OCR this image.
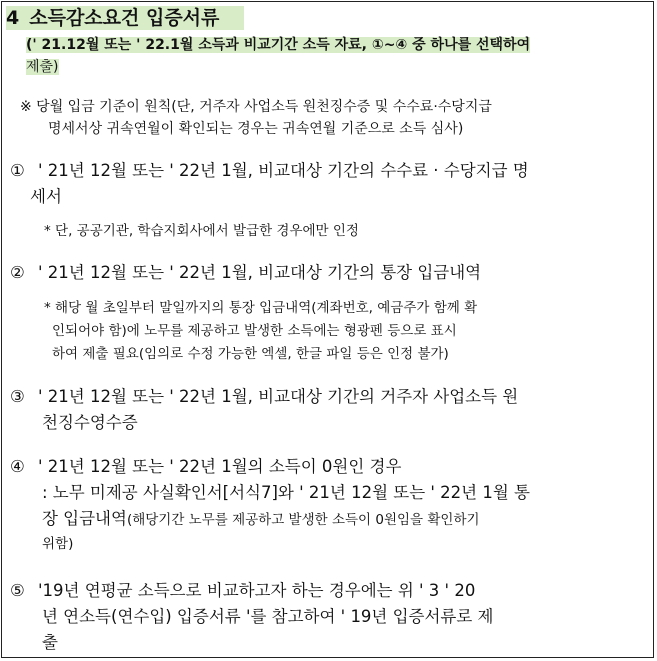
4 소득감소요건 입증서류
(' 21.12월 또는 ' 22.1월 소득과 비교기간 소득 자료, ①~④ 중 하나를 선택하여
제출)
※ 당월 입금 기준이 원칙(단, 거주자 사업소득 원천징수증 및 수수료·수당지급
명세서상 귀속연월이 확인되는 경우는 귀속연월 기준으로 소득 심사)
① ' 21년 12월 또는 ' 22년 1월, 비교대상 기간의 수수료 · 수당지급 명
세서
* 단, 공공기관, 학습지회사에서 발급한 경우에만 인정
② ' 21년 12월 또는 ' 22년 1월, 비교대상 기간의 통장 입금내역
* 해당 월 초일부터 말일까지의 통장 입금내역(계좌번호, 예금주가 함께 확
인되어야 함)에 노무를 제공하고 발생한 소득에는 형광펜 등으로 표시
하여 제출 필요(임의로 수정 가능한 엑셀, 한글 파일 등은 인정 불가)
③ ' 21년 12월 또는 ' 22년 1월, 비교대상 기간의 거주자 사업소득 원
천징수영수증
④ ' 21년 12월 또는 ' 22년 1월의 소득이 0원인 경우
: 노무 미제공 사실확인서[서식7]와 ' 21년 12월 또는 ' 22년 1월 통
장 입금내역(해당기간 노무를 제공하고 발생한 소득이 0원임을 확인하기
위함)
⑤ '19년 연평균 소득으로 비교하고자 하는 경우에는 위 ' 3 ' 20
년 연소득(연수입) 입증서류 '를 참고하여 ' 19년 입증서류로 제
출
